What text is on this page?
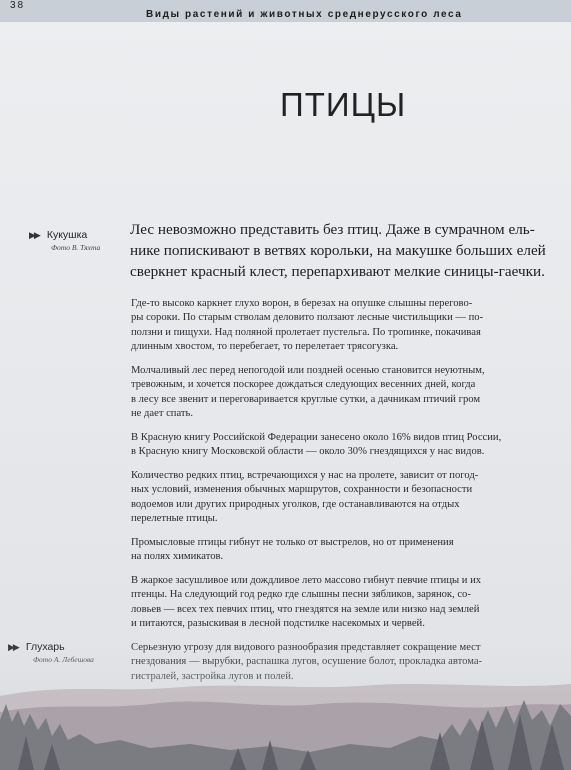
38
Виды растений и животных среднерусского леса
ПТИЦЫ
▶▶ Кукушка
Фото В. Тяхта

Лес невозможно представить без птиц. Даже в сумрачном ель-
нике попискивают в ветвях корольки, на макушке больших елей
сверкнет красный клест, перепархивают мелкие синицы-гаечки.

Где-то высоко каркнет глухо ворон, в березах на опушке слышны перегово-
ры сороки. По старым стволам деловито ползают лесные чистильщики — по-
ползни и пищухи. Над поляной пролетает пустельга. По тропинке, покачивая
длинным хвостом, то перебегает, то перелетает трясогузка.

Молчаливый лес перед непогодой или поздней осенью становится неуютным,
тревожным, и хочется поскорее дождаться следующих весенних дней, когда
в лесу все звенит и переговаривается круглые сутки, а дачникам птичий гром
не дает спать.

В Красную книгу Российской Федерации занесено около 16% видов птиц России,
в Красную книгу Московской области — около 30% гнездящихся у нас видов.

Количество редких птиц, встречающихся у нас на пролете, зависит от погод-
ных условий, изменения обычных маршрутов, сохранности и безопасности
водоемов или других природных уголков, где останавливаются на отдых
перелетные птицы.

Промысловые птицы гибнут не только от выстрелов, но от применения
на полях химикатов.

В жаркое засушливое или дождливое лето массово гибнут певчие птицы и их
птенцы. На следующий год редко где слышны песни зябликов, зарянок, со-
ловьев — всех тех певчих птиц, что гнездятся на земле или низко над землей
и питаются, разыскивая в лесной подстилке насекомых и червей.
